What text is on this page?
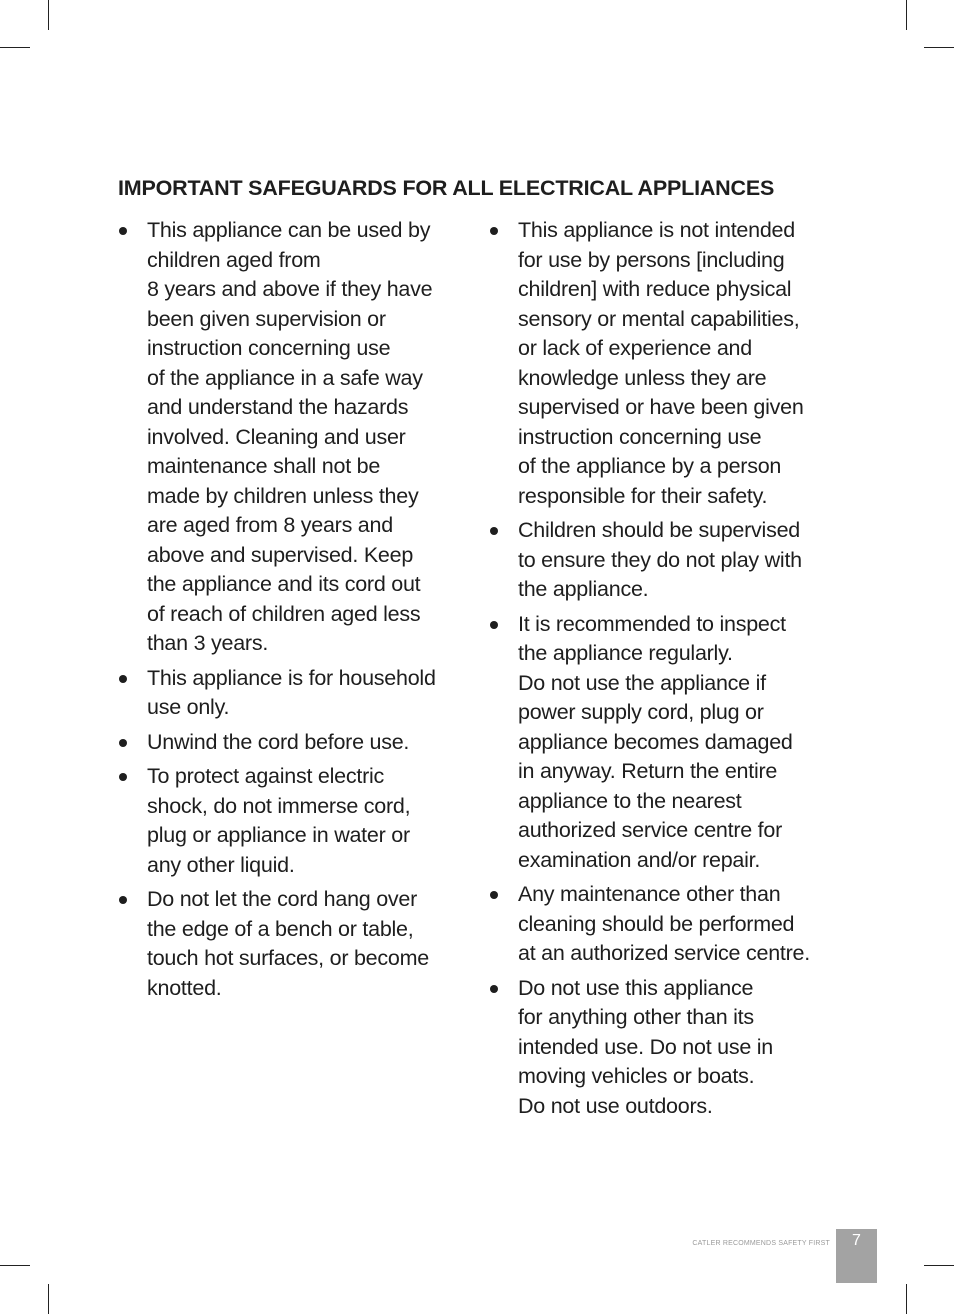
IMPORTANT SAFEGUARDS FOR ALL ELECTRICAL APPLIANCES
This appliance can be used by
children aged from
8 years and above if they have
been given supervision or
instruction concerning use
of the appliance in a safe way
and understand the hazards
involved. Cleaning and user
maintenance shall not be
made by children unless they
are aged from 8 years and
above and supervised. Keep
the appliance and its cord out
of reach of children aged less
than 3 years.
This appliance is for household
use only.
Unwind the cord before use.
To protect against electric
shock, do not immerse cord,
plug or appliance in water or
any other liquid.
Do not let the cord hang over
the edge of a bench or table,
touch hot surfaces, or become
knotted.
This appliance is not intended
for use by persons [including
children] with reduce physical
sensory or mental capabilities,
or lack of experience and
knowledge unless they are
supervised or have been given
instruction concerning use
of the appliance by a person
responsible for their safety.
Children should be supervised
to ensure they do not play with
the appliance.
It is recommended to inspect
the appliance regularly.
Do not use the appliance if
power supply cord, plug or
appliance becomes damaged
in anyway. Return the entire
appliance to the nearest
authorized service centre for
examination and/or repair.
Any maintenance other than
cleaning should be performed
at an authorized service centre.
Do not use this appliance
for anything other than its
intended use. Do not use in
moving vehicles or boats.
Do not use outdoors.
CATLER RECOMMENDS SAFETY FIRST	7
